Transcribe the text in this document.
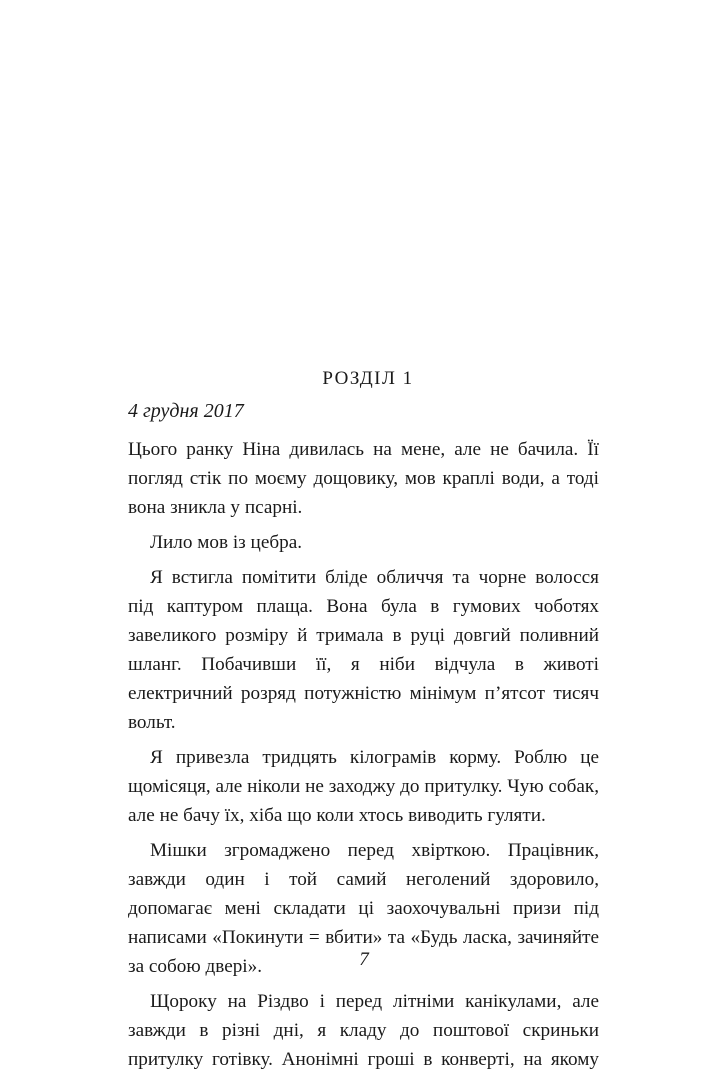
РОЗДІЛ 1
4 грудня 2017

Цього ранку Ніна дивилась на мене, але не бачила. Її погляд стік по моєму дощовику, мов краплі води, а тоді вона зникла у псарні.

Лило мов із цебра.

Я встигла помітити бліде обличчя та чорне волосся під каптуром плаща. Вона була в гумових чоботях завеликого розміру й тримала в руці довгий поливний шланг. Побачивши її, я ніби відчула в животі електричний розряд потужністю мінімум п’ятсот тисяч вольт.

Я привезла тридцять кілограмів корму. Роблю це щомісяця, але ніколи не заходжу до притулку. Чую собак, але не бачу їх, хіба що коли хтось виводить гуляти.

Мішки згромаджено перед хвірткою. Працівник, завжди один і той самий неголений здоровило, допомагає мені складати ці заохочувальні призи під написами «Покинути = вбити» та «Будь ласка, зачиняйте за собою двері».

Щороку на Різдво і перед літніми канікулами, але завжди в різні дні, я кладу до поштової скриньки притулку готівку. Анонімні гроші в конверті, на якому

7
